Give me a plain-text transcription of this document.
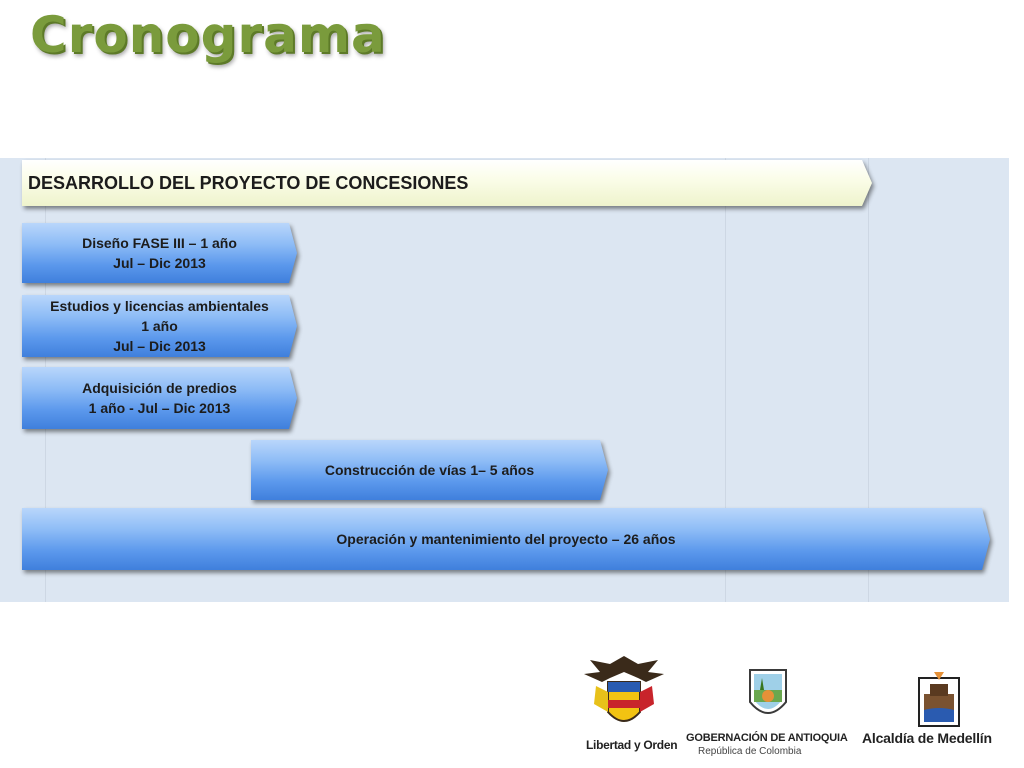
Cronograma
DESARROLLO DEL PROYECTO DE CONCESIONES
Diseño FASE III – 1 año
Jul – Dic 2013
Estudios y licencias ambientales
1 año
Jul – Dic 2013
Adquisición de predios
1 año - Jul – Dic 2013
Construcción de vías 1– 5 años
Operación y mantenimiento del proyecto – 26 años
Libertad y Orden GOBERNACIÓN DE ANTIOQUIA
República de Colombia
Alcaldía de Medellín
